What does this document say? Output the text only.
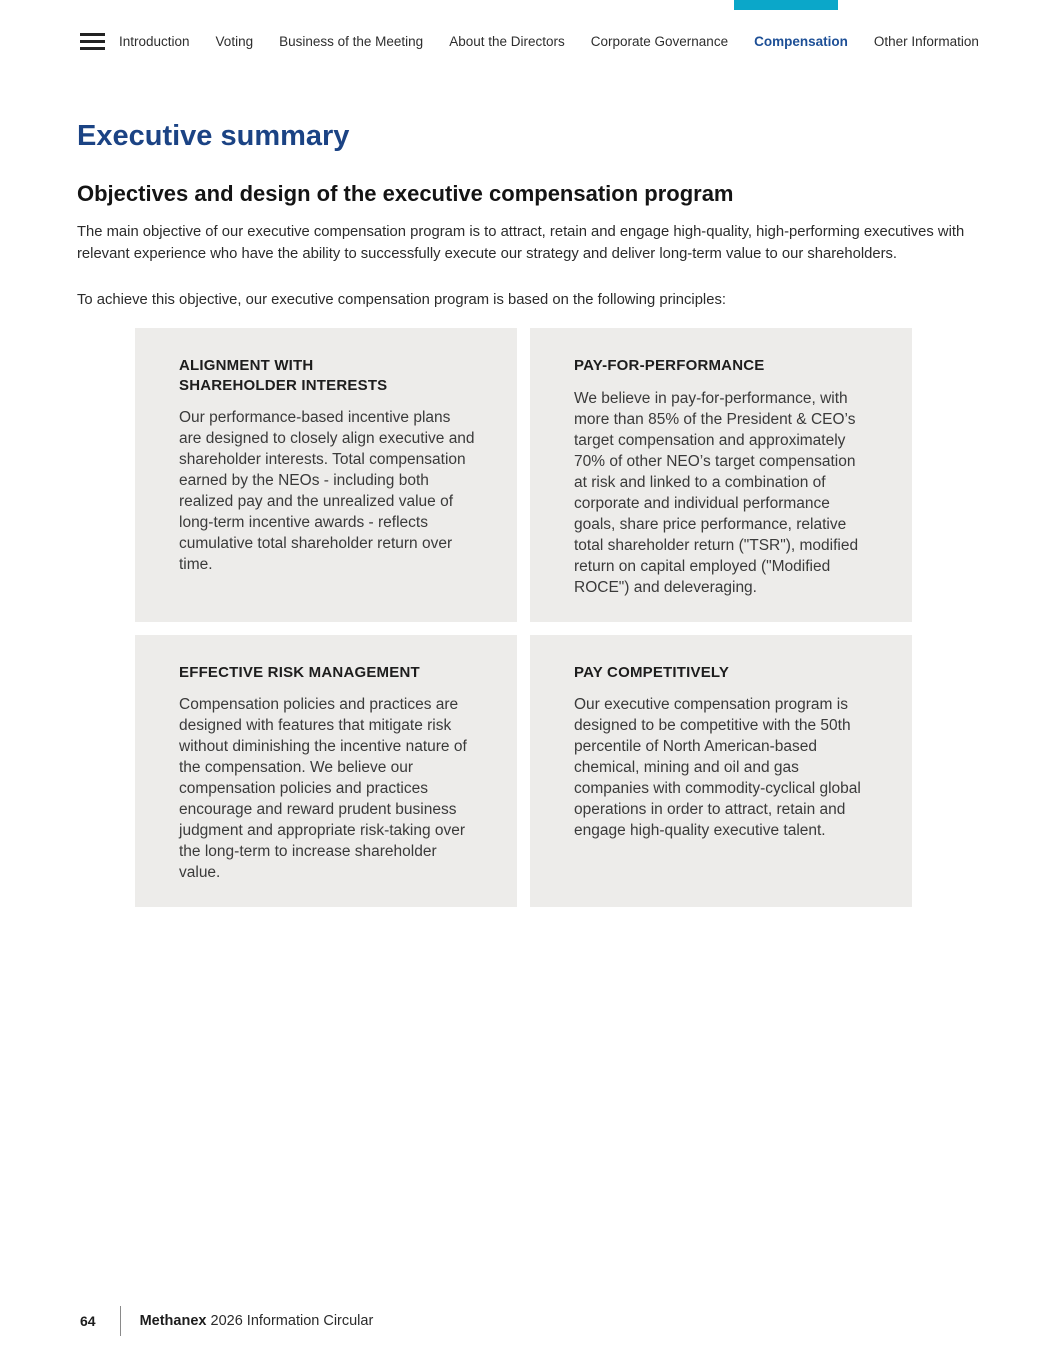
Introduction Voting Business of the Meeting About the Directors Corporate Governance Compensation Other Information
Executive summary
Objectives and design of the executive compensation program

The main objective of our executive compensation program is to attract, retain and engage high-quality, high-performing executives with relevant experience who have the ability to successfully execute our strategy and deliver long-term value to our shareholders.

To achieve this objective, our executive compensation program is based on the following principles:

ALIGNMENT WITH SHAREHOLDER INTERESTS

Our performance-based incentive plans are designed to closely align executive and shareholder interests. Total compensation earned by the NEOs - including both realized pay and the unrealized value of long-term incentive awards - reflects cumulative total shareholder return over time.

PAY-FOR-PERFORMANCE

We believe in pay-for-performance, with more than 85% of the President & CEO’s target compensation and approximately 70% of other NEO’s target compensation at risk and linked to a combination of corporate and individual performance goals, share price performance, relative total shareholder return ("TSR"), modified return on capital employed ("Modified ROCE") and deleveraging.

EFFECTIVE RISK MANAGEMENT

Compensation policies and practices are designed with features that mitigate risk without diminishing the incentive nature of the compensation. We believe our compensation policies and practices encourage and reward prudent business judgment and appropriate risk-taking over the long-term to increase shareholder value.

PAY COMPETITIVELY

Our executive compensation program is designed to be competitive with the 50th percentile of North American-based chemical, mining and oil and gas companies with commodity-cyclical global operations in order to attract, retain and engage high-quality executive talent.

64	Methanex 2026 Information Circular
